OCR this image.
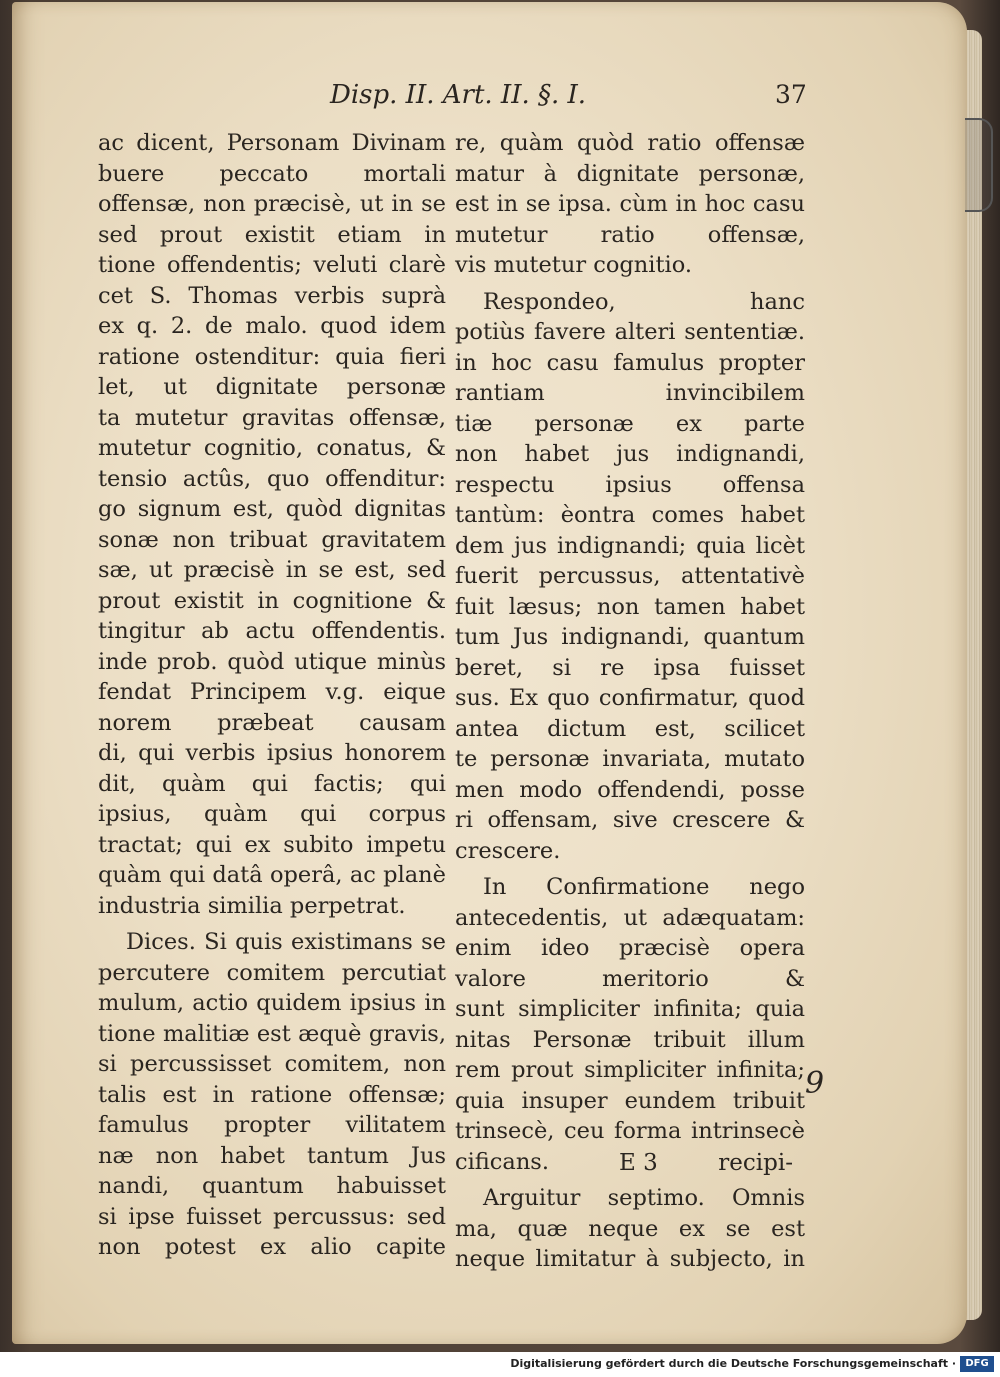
Disp. II. Art. II. §. I.	37
ac dicent, Personam Divinam
buere peccato mortali
offensæ, non præcisè, ut in se
sed prout existit etiam in
tione offendentis; veluti clarè
cet S. Thomas verbis suprà
ex q. 2. de malo. quod idem
ratione ostenditur: quia fieri
let, ut dignitate personæ
ta mutetur gravitas offensæ,
mutetur cognitio, conatus, &
tensio actûs, quo offenditur:
go signum est, quòd dignitas
sonæ non tribuat gravitatem
sæ, ut præcisè in se est, sed
prout existit in cognitione &
tingitur ab actu offendentis.
inde prob. quòd utique minùs
fendat Principem v.g. eique
norem præbeat causam
di, qui verbis ipsius honorem
dit, quàm qui factis; qui
ipsius, quàm qui corpus
tractat; qui ex subito impetu
quàm qui datâ operâ, ac planè
industria similia perpetrat.
Dices. Si quis existimans se
percutere comitem percutiat
mulum, actio quidem ipsius in
tione malitiæ est æquè gravis,
si percussisset comitem, non
talis est in ratione offensæ;
famulus propter vilitatem
næ non habet tantum Jus
nandi, quantum habuisset
si ipse fuisset percussus: sed
non potest ex alio capite
re, quàm quòd ratio offensæ
matur à dignitate personæ,
est in se ipsa. cùm in hoc casu
mutetur ratio offensæ,
vis mutetur cognitio.
Respondeo, hanc
potiùs favere alteri sententiæ.
in hoc casu famulus propter
rantiam invincibilem
tiæ personæ ex parte
non habet jus indignandi,
respectu ipsius offensa
tantùm: èontra comes habet
dem jus indignandi; quia licèt
fuerit percussus, attentativè
fuit læsus; non tamen habet
tum Jus indignandi, quantum
beret, si re ipsa fuisset
sus. Ex quo confirmatur, quod
antea dictum est, scilicet
te personæ invariata, mutato
men modo offendendi, posse
ri offensam, sive crescere &
crescere.
In Confirmatione nego
antecedentis, ut adæquatam:
enim ideo præcisè opera
valore meritorio &
sunt simpliciter infinita; quia
nitas Personæ tribuit illum
rem prout simpliciter infinita;
quia insuper eundem tribuit
trinsecè, ceu forma intrinsecè
cificans.
Arguitur septimo. Omnis
ma, quæ neque ex se est
neque limitatur à subjecto, in
9
E 3	recipi-
Digitalisierung gefördert durch die Deutsche Forschungsgemeinschaft · DFG
